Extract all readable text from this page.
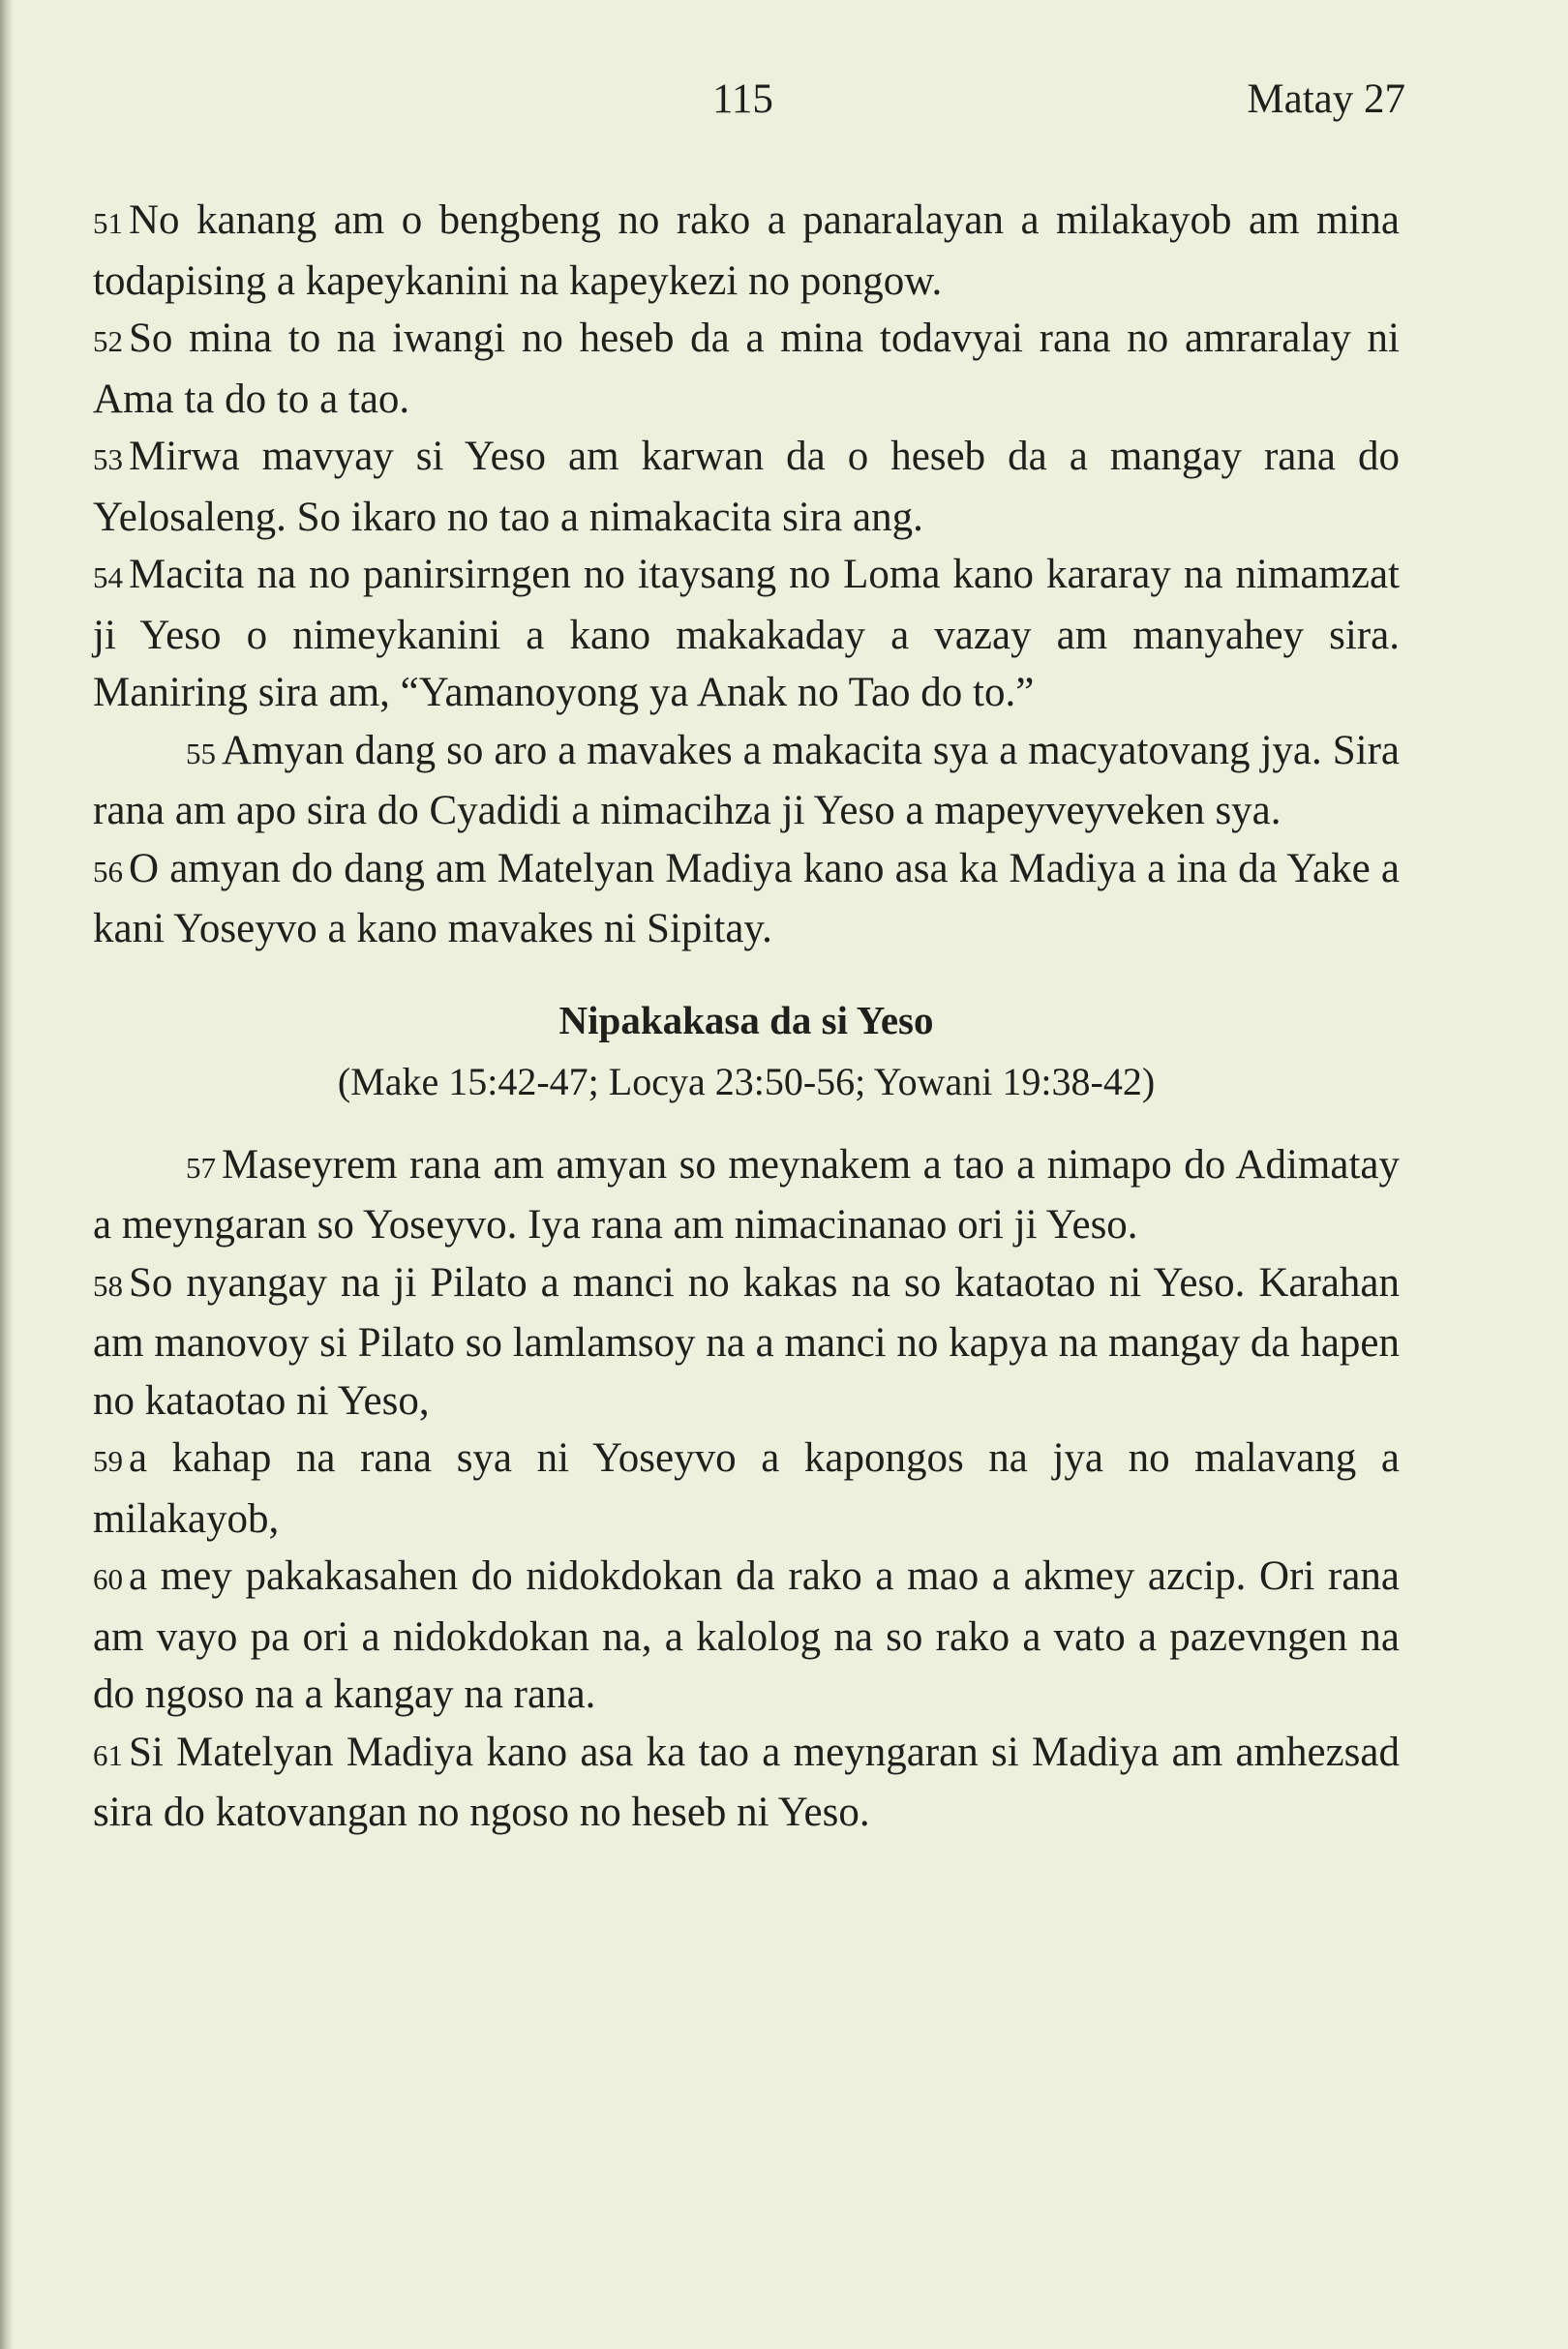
115	Matay 27

51 No kanang am o bengbeng no rako a panaralayan a milakayob am mina todapising a kapeykanini na kapeykezi no pongow.

52 So mina to na iwangi no heseb da a mina todavyai rana no amraralay ni Ama ta do to a tao.

53 Mirwa mavyay si Yeso am karwan da o heseb da a mangay rana do Yelosaleng. So ikaro no tao a nimakacita sira ang.

54 Macita na no panirsirngen no itaysang no Loma kano kararay na nimamzat ji Yeso o nimeykanini a kano makakaday a vazay am manyahey sira. Maniring sira am, “Yamanoyong ya Anak no Tao do to.”

55 Amyan dang so aro a mavakes a makacita sya a macyatovang jya. Sira rana am apo sira do Cyadidi a nimacihza ji Yeso a mapeyveyveken sya.

56 O amyan do dang am Matelyan Madiya kano asa ka Madiya a ina da Yake a kani Yoseyvo a kano mavakes ni Sipitay.

Nipakakasa da si Yeso
(Make 15:42-47; Locya 23:50-56; Yowani 19:38-42)

57 Maseyrem rana am amyan so meynakem a tao a nimapo do Adimatay a meyngaran so Yoseyvo. Iya rana am nimacinanao ori ji Yeso.

58 So nyangay na ji Pilato a manci no kakas na so kataotao ni Yeso. Karahan am manovoy si Pilato so lamlamsoy na a manci no kapya na mangay da hapen no kataotao ni Yeso,

59 a kahap na rana sya ni Yoseyvo a kapongos na jya no malavang a milakayob,

60 a mey pakakasahen do nidokdokan da rako a mao a akmey azcip. Ori rana am vayo pa ori a nidokdokan na, a kalolog na so rako a vato a pazevngen na do ngoso na a kangay na rana.

61 Si Matelyan Madiya kano asa ka tao a meyngaran si Madiya am amhezsad sira do katovangan no ngoso no heseb ni Yeso.
